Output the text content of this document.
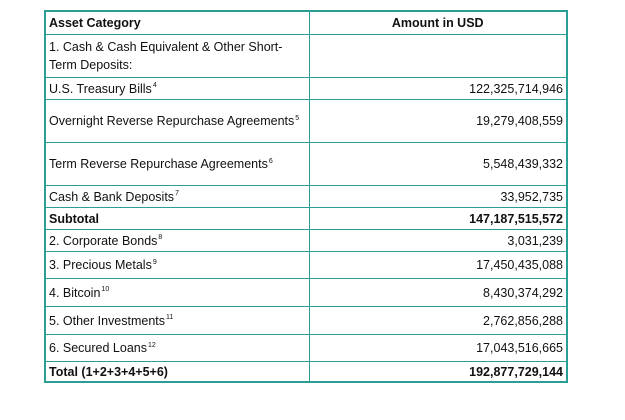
Asset Category	Amount in USD
1. Cash & Cash Equivalent & Other Short-Term Deposits:	
U.S. Treasury Bills$^4$	122,325,714,946
Overnight Reverse Repurchase Agreements$^5$	19,279,408,559
Term Reverse Repurchase Agreements$^6$	5,548,439,332
Cash & Bank Deposits$^7$	33,952,735
Subtotal	147,187,515,572
2. Corporate Bonds$^8$	3,031,239
3. Precious Metals$^9$	17,450,435,088
4. Bitcoin$^{10}$	8,430,374,292
5. Other Investments$^{11}$	2,762,856,288
6. Secured Loans$^{12}$	17,043,516,665
Total (1+2+3+4+5+6)	192,877,729,144
